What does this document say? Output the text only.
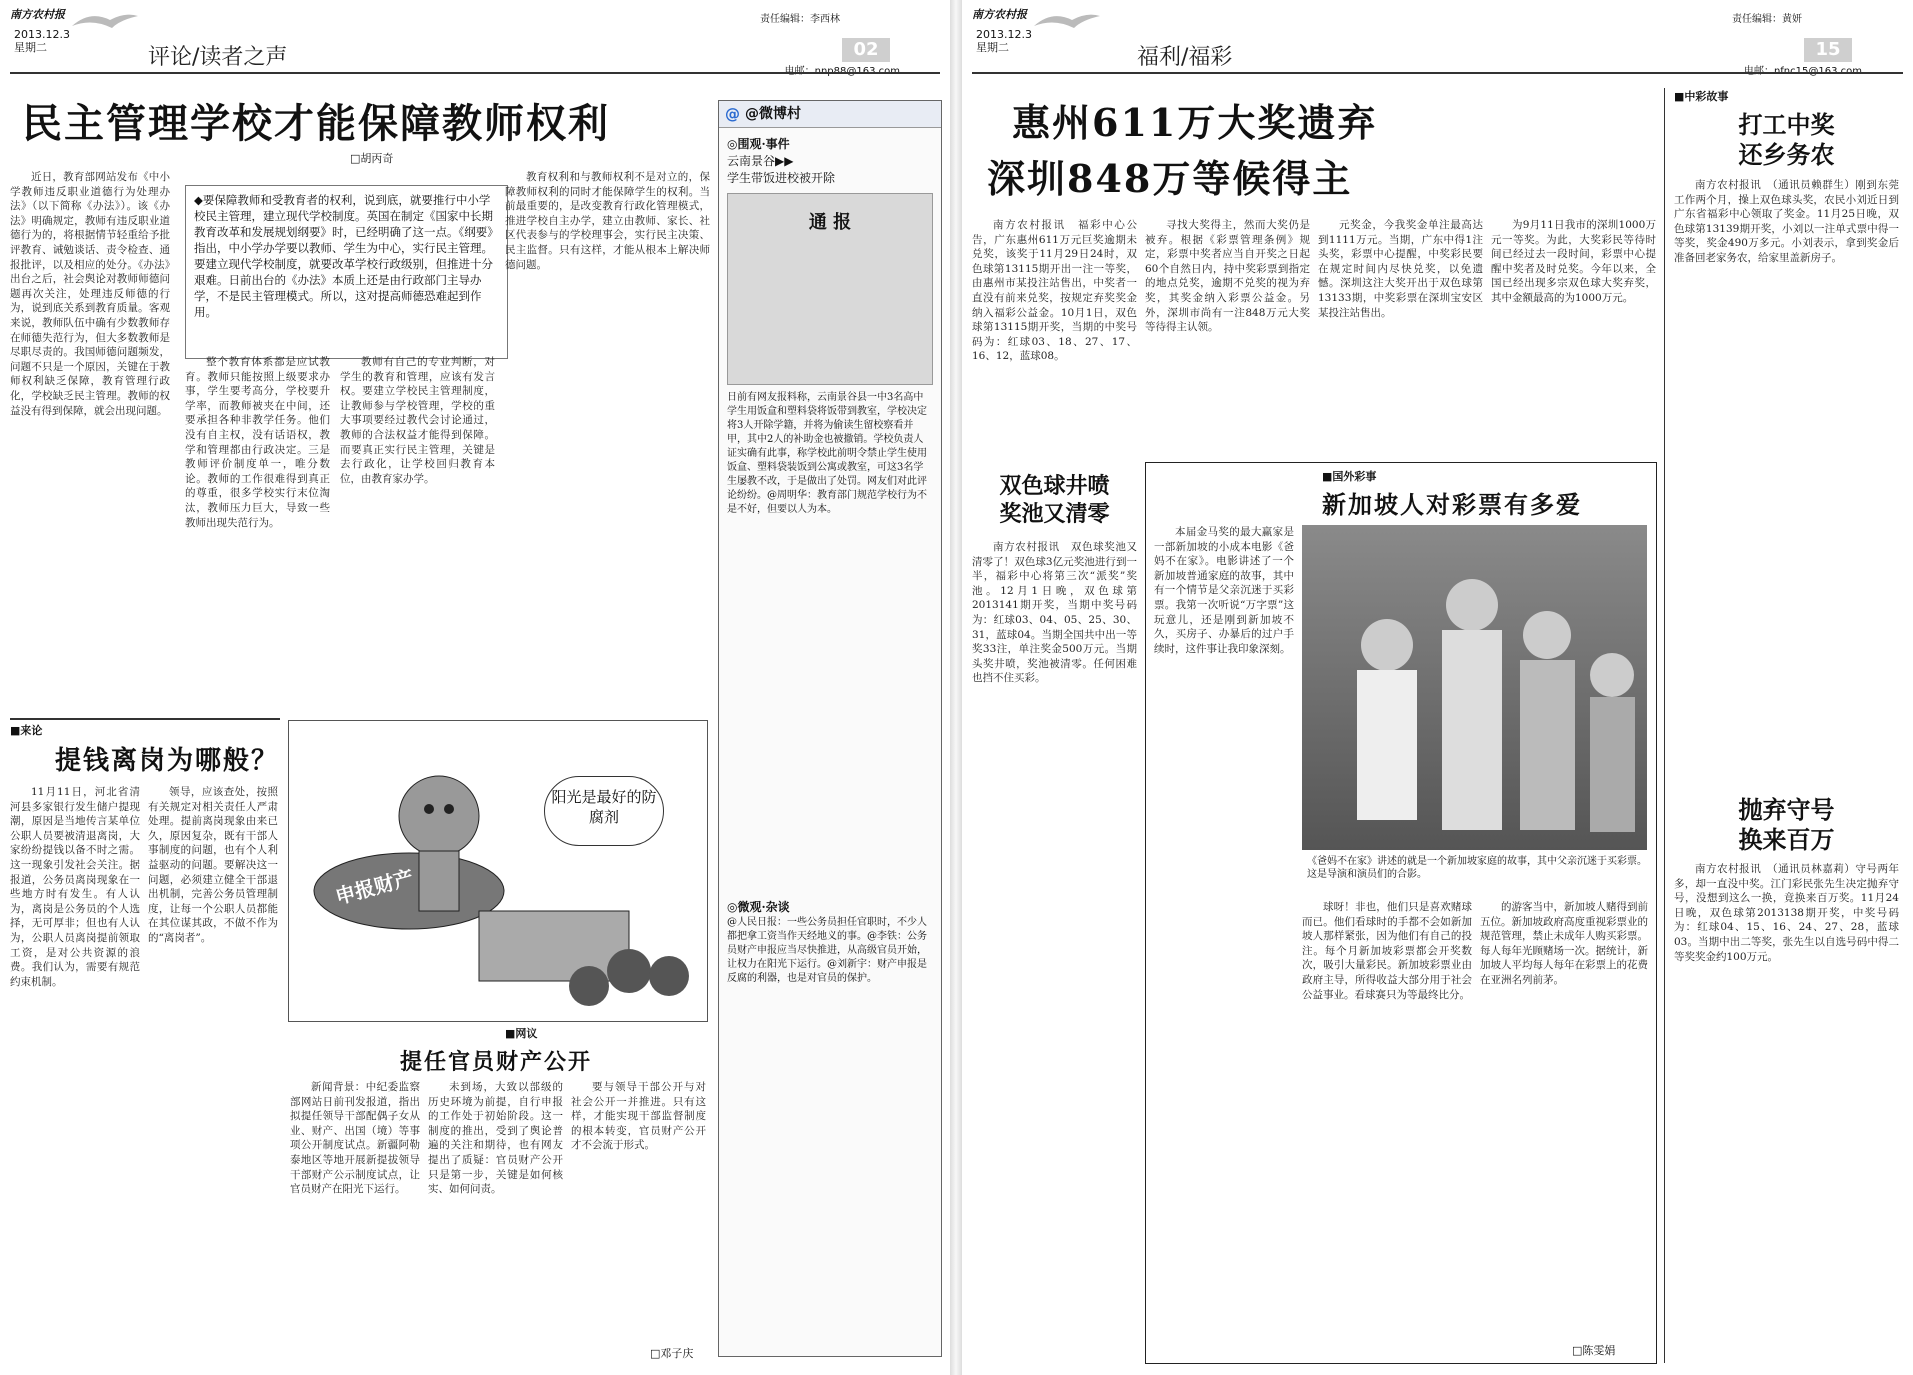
南方农村报
2013.12.3
星期二	评论/读者之声
责任编辑：李西林
02
电邮：nnp88@163.com
民主管理学校才能保障教师权利
□胡丙奇

近日，教育部网站发布《中小学教师违反职业道德行为处理办法》（以下简称《办法》）。该《办法》明确规定，教师有违反职业道德行为的，将根据情节轻重给予批评教育、诫勉谈话、责令检查、通报批评，以及相应的处分。《办法》出台之后，社会舆论对教师师德问题再次关注，处理违反师德的行为，说到底关系到教育质量。客观来说，教师队伍中确有少数教师存在师德失范行为，但大多数教师是尽职尽责的。我国师德问题频发，问题不只是一个原因，关键在于教师权利缺乏保障，教育管理行政化，学校缺乏民主管理。教师的权益没有得到保障，就会出现问题。

◆要保障教师和受教育者的权利，说到底，就要推行中小学校民主管理，建立现代学校制度。英国在制定《国家中长期教育改革和发展规划纲要》时，已经明确了这一点。《纲要》指出，中小学办学要以教师、学生为中心，实行民主管理。要建立现代学校制度，就要改革学校行政级别，但推进十分艰难。日前出台的《办法》本质上还是由行政部门主导办学，不是民主管理模式。所以，这对提高师德恐难起到作用。

整个教育体系都是应试教育。教师只能按照上级要求办事，学生要考高分，学校要升学率，而教师被夹在中间，还要承担各种非教学任务。他们没有自主权，没有话语权，教学和管理都由行政决定。三是教师评价制度单一，唯分数论。教师的工作很难得到真正的尊重，很多学校实行末位淘汰，教师压力巨大，导致一些教师出现失范行为。

教师有自己的专业判断，对学生的教育和管理，应该有发言权。要建立学校民主管理制度，让教师参与学校管理，学校的重大事项要经过教代会讨论通过，教师的合法权益才能得到保障。而要真正实行民主管理，关键是去行政化，让学校回归教育本位，由教育家办学。

教育权利和与教师权利不是对立的，保障教师权利的同时才能保障学生的权利。当前最重要的，是改变教育行政化管理模式，推进学校自主办学，建立由教师、家长、社区代表参与的学校理事会，实行民主决策、民主监督。只有这样，才能从根本上解决师德问题。

@ @微博村
◎围观·事件
云南景谷▶▶
学生带饭进校被开除
通 报
日前有网友报料称，云南景谷县一中3名高中学生用饭盒和塑料袋将饭带到教室，学校决定将3人开除学籍，并将为偷读生留校察看并甲，其中2人的补助金也被撤销。学校负责人证实确有此事，称学校此前明令禁止学生使用饭盒、塑料袋装饭到公寓或教室，可这3名学生屡教不改，于是做出了处罚。网友们对此评论纷纷。@周明华：教育部门规范学校行为不是不好，但要以人为本。
◎微观·杂谈
@人民日报：一些公务员担任官职时，不少人都把拿工资当作天经地义的事。@李铁：公务员财产申报应当尽快推进，从高级官员开始，让权力在阳光下运行。@刘新宇：财产申报是反腐的利器，也是对官员的保护。
■来论
提钱离岗为哪般？

11月11日，河北省清河县多家银行发生储户提现潮，原因是当地传言某单位公职人员要被清退离岗，大家纷纷提钱以备不时之需。这一现象引发社会关注。据报道，公务员离岗现象在一些地方时有发生。有人认为，离岗是公务员的个人选择，无可厚非；但也有人认为，公职人员离岗提前领取工资，是对公共资源的浪费。我们认为，需要有规范约束机制。

领导，应该查处，按照有关规定对相关责任人严肃处理。提前离岗现象由来已久，原因复杂，既有干部人事制度的问题，也有个人利益驱动的问题。要解决这一问题，必须建立健全干部退出机制，完善公务员管理制度，让每一个公职人员都能在其位谋其政，不做不作为的“离岗者”。

阳光是最好的防腐剂
申报财产
■网议
提任官员财产公开

新闻背景：中纪委监察部网站日前刊发报道，指出拟提任领导干部配偶子女从业、财产、出国（境）等事项公开制度试点。新疆阿勒泰地区等地开展新提拔领导干部财产公示制度试点，让官员财产在阳光下运行。

未到场，大致以部级的历史环境为前提，自行申报的工作处于初始阶段。这一制度的推出，受到了舆论普遍的关注和期待，也有网友提出了质疑：官员财产公开只是第一步，关键是如何核实、如何问责。

要与领导干部公开与对社会公开一并推进。只有这样，才能实现干部监督制度的根本转变，官员财产公开才不会流于形式。

□邓子庆
南方农村报
2013.12.3
星期二	福利/福彩
责任编辑：黄妍
15
电邮：nfnc15@163.com
惠州611万大奖遗弃
深圳848万等候得主

南方农村报讯　福彩中心公告，广东惠州611万元巨奖逾期未兑奖，该奖于11月29日24时，双色球第13115期开出一注一等奖，由惠州市某投注站售出，中奖者一直没有前来兑奖，按规定弃奖奖金纳入福彩公益金。10月1日，双色球第13115期开奖，当期的中奖号码为：红球03、18、27、17、16、12，蓝球08。

寻找大奖得主，然而大奖仍是被弃。根据《彩票管理条例》规定，彩票中奖者应当自开奖之日起60个自然日内，持中奖彩票到指定的地点兑奖，逾期不兑奖的视为弃奖，其奖金纳入彩票公益金。另外，深圳市尚有一注848万元大奖等待得主认领。

元奖金，今我奖金单注最高达到1111万元。当期，广东中得1注头奖，彩票中心提醒，中奖彩民要在规定时间内尽快兑奖，以免遗憾。深圳这注大奖开出于双色球第13133期，中奖彩票在深圳宝安区某投注站售出。

为9月11日我市的深圳1000万元一等奖。为此，大奖彩民等待时间已经过去一段时间，彩票中心提醒中奖者及时兑奖。今年以来，全国已经出现多宗双色球大奖弃奖，其中金额最高的为1000万元。

双色球井喷
奖池又清零

南方农村报讯　双色球奖池又清零了！双色球3亿元奖池进行到一半，福彩中心将第三次“派奖”奖池。12月1日晚，双色球第2013141期开奖，当期中奖号码为：红球03、04、05、25、30、31，蓝球04。当期全国共中出一等奖33注，单注奖金500万元。当期头奖井喷，奖池被清零。任何困难也挡不住买彩。

■国外彩事
新加坡人对彩票有多爱

本届金马奖的最大赢家是一部新加坡的小成本电影《爸妈不在家》。电影讲述了一个新加坡普通家庭的故事，其中有一个情节是父亲沉迷于买彩票。我第一次听说“万字票”这玩意儿，还是刚到新加坡不久，买房子、办暴后的过户手续时，这件事让我印象深刻。

《爸妈不在家》讲述的就是一个新加坡家庭的故事，其中父亲沉迷于买彩票。这是导演和演员们的合影。

球呀！非也，他们只是喜欢赌球而已。他们看球时的手都不会如新加坡人那样紧张，因为他们有自己的投注。每个月新加坡彩票都会开奖数次，吸引大量彩民。新加坡彩票业由政府主导，所得收益大部分用于社会公益事业。看球赛只为等最终比分。

的游客当中，新加坡人赌得到前五位。新加坡政府高度重视彩票业的规范管理，禁止未成年人购买彩票。每人每年光顾赌场一次。据统计，新加坡人平均每人每年在彩票上的花费在亚洲名列前茅。

□陈雯娟
■中彩故事
打工中奖
还乡务农

南方农村报讯　（通讯员赖群生）刚到东莞工作两个月，操上双色球头奖，农民小刘近日到广东省福彩中心领取了奖金。11月25日晚，双色球第13139期开奖，小刘以一注单式票中得一等奖，奖金490万多元。小刘表示，拿到奖金后准备回老家务农，给家里盖新房子。

抛弃守号
换来百万

南方农村报讯　（通讯员林嘉莉）守号两年多，却一直没中奖。江门彩民张先生决定抛弃守号，没想到这么一换，竟换来百万奖。11月24日晚，双色球第2013138期开奖，中奖号码为：红球04、15、16、24、27、28，蓝球03。当期中出二等奖，张先生以自选号码中得二等奖奖金约100万元。
